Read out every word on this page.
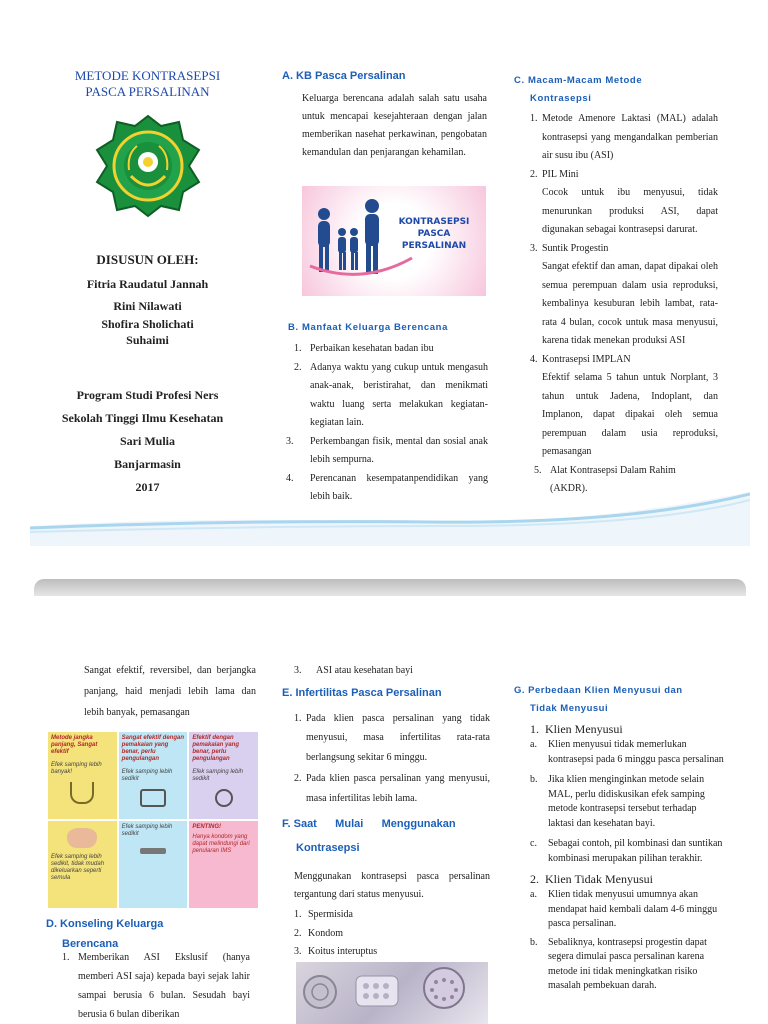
METODE KONTRASEPSI
PASCA PERSALINAN
DISUSUN OLEH:
Fitria Raudatul Jannah
Rini Nilawati
Shofira Sholichati
Suhaimi
Program Studi Profesi Ners
Sekolah Tinggi Ilmu Kesehatan
Sari Mulia
Banjarmasin
2017
A. KB Pasca Persalinan
Keluarga berencana adalah salah satu usaha untuk mencapai kesejahteraan dengan jalan memberikan nasehat perkawinan, pengobatan kemandulan dan penjarangan kehamilan.
KONTRASEPSI
PASCA
PERSALINAN
B. Manfaat Keluarga Berencana
1. Perbaikan kesehatan badan ibu
2. Adanya waktu yang cukup untuk mengasuh anak-anak, beristirahat, dan menikmati waktu luang serta melakukan kegiatan-kegiatan lain.
3. Perkembangan fisik, mental dan sosial anak lebih sempurna.
4. Perencanan kesempatanpendidikan yang lebih baik.
C. Macam-Macam Metode
Kontrasepsi
1. Metode Amenore Laktasi (MAL) adalah kontrasepsi yang mengandalkan pemberian air susu ibu (ASI)
2. PIL Mini
Cocok untuk ibu menyusui, tidak menurunkan produksi ASI, dapat digunakan sebagai kontrasepsi darurat.
3. Suntik Progestin
Sangat efektif dan aman, dapat dipakai oleh semua perempuan dalam usia reproduksi, kembalinya kesuburan lebih lambat, rata-rata 4 bulan, cocok untuk masa menyusui, karena tidak menekan produksi ASI
4. Kontrasepsi IMPLAN
Efektif selama 5 tahun untuk Norplant, 3 tahun untuk Jadena, Indoplant, dan Implanon, dapat dipakai oleh semua perempuan dalam usia reproduksi, pemasangan
5. Alat Kontrasepsi Dalam Rahim
(AKDR).
Sangat efektif, reversibel, dan berjangka panjang, haid menjadi lebih lama dan lebih banyak, pemasangan
Metode jangka panjang, Sangat efektif
Efek samping lebih banyak!
Sangat efektif dengan pemakaian yang benar, perlu pengulangan
Efek samping lebih sedikit
Efektif dengan pemakaian yang benar, perlu pengulangan
Efek samping lebih sedikit
Efek samping lebih sedikit, tidak mudah dikeluarkan seperti semula
Efek samping lebih sedikit
PENTING!
Hanya kondom yang dapat melindungi dari penularan IMS
D. Konseling Keluarga
Berencana
1. Memberikan ASI Ekslusif (hanya memberi ASI saja) kepada bayi sejak lahir sampai berusia 6 bulan. Sesudah bayi berusia 6 bulan diberikan
3. ASI atau kesehatan bayi
E. Infertilitas Pasca Persalinan
1. Pada klien pasca persalinan yang tidak menyusui, masa infertilitas rata-rata berlangsung sekitar 6 minggu.
2. Pada klien pasca persalinan yang menyusui, masa infertilitas lebih lama.
F. Saat      Mulai      Menggunakan
Kontrasepsi
Menggunakan kontrasepsi pasca persalinan tergantung dari status menyusui.
1. Spermisida
2. Kondom
3. Koitus interuptus
G. Perbedaan Klien Menyusui dan
Tidak Menyusui
1. Klien Menyusui
a. Klien menyusui tidak memerlukan kontrasepsi pada 6 minggu pasca persalinan
b. Jika klien menginginkan metode selain MAL, perlu didiskusikan efek samping metode kontrasepsi tersebut terhadap laktasi dan kesehatan bayi.
c. Sebagai contoh, pil kombinasi dan suntikan kombinasi merupakan pilihan terakhir.
2. Klien Tidak Menyusui
a. Klien tidak menyusui umumnya akan mendapat haid kembali dalam 4-6 minggu pasca persalinan.
b. Sebaliknya, kontrasepsi progestin dapat segera dimulai pasca persalinan karena metode ini tidak meningkatkan risiko masalah pembekuan darah.
